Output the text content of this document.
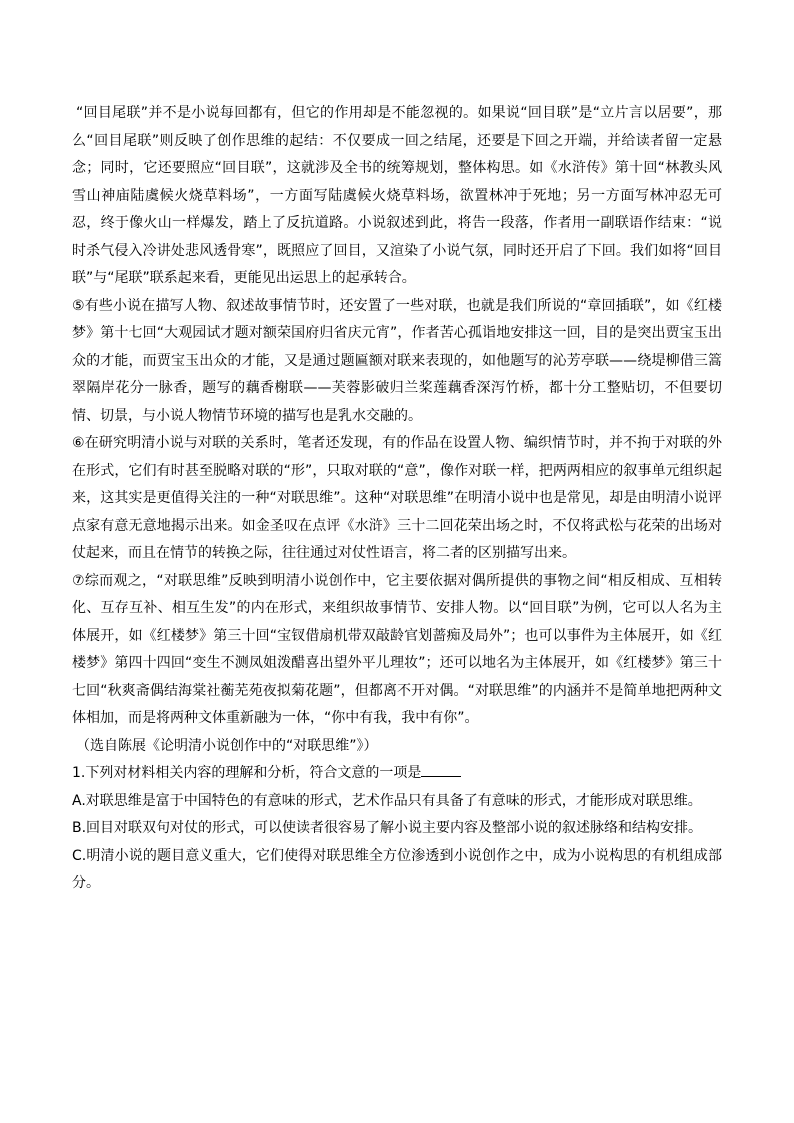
“回目尾联”并不是小说每回都有，但它的作用却是不能忽视的。如果说“回目联”是“立片言以居要”，那么“回目尾联”则反映了创作思维的起结：不仅要成一回之结尾，还要是下回之开端，并给读者留一定悬念；同时，它还要照应“回目联”，这就涉及全书的统筹规划，整体构思。如《水浒传》第十回“林教头风雪山神庙陆虞候火烧草料场”，一方面写陆虞候火烧草料场，欲置林冲于死地；另一方面写林冲忍无可忍，终于像火山一样爆发，踏上了反抗道路。小说叙述到此，将告一段落，作者用一副联语作结束：“说时杀气侵入冷讲处悲风透骨寒”，既照应了回目，又渲染了小说气氛，同时还开启了下回。我们如将“回目联”与“尾联”联系起来看，更能见出运思上的起承转合。

⑤有些小说在描写人物、叙述故事情节时，还安置了一些对联，也就是我们所说的“章回插联”，如《红楼梦》第十七回“大观园试才题对额荣国府归省庆元宵”，作者苦心孤诣地安排这一回，目的是突出贾宝玉出众的才能，而贾宝玉出众的才能，又是通过题匾额对联来表现的，如他题写的沁芳亭联——绕堤柳借三篙翠隔岸花分一脉香，题写的藕香榭联——芙蓉影破归兰桨莲藕香深泻竹桥，都十分工整贴切，不但要切情、切景，与小说人物情节环境的描写也是乳水交融的。

⑥在研究明清小说与对联的关系时，笔者还发现，有的作品在设置人物、编织情节时，并不拘于对联的外在形式，它们有时甚至脱略对联的“形”，只取对联的“意”，像作对联一样，把两两相应的叙事单元组织起来，这其实是更值得关注的一种“对联思维”。这种“对联思维”在明清小说中也是常见，却是由明清小说评点家有意无意地揭示出来。如金圣叹在点评《水浒》三十二回花荣出场之时，不仅将武松与花荣的出场对仗起来，而且在情节的转换之际，往往通过对仗性语言，将二者的区别描写出来。

⑦综而观之，“对联思维”反映到明清小说创作中，它主要依据对偶所提供的事物之间“相反相成、互相转化、互存互补、相互生发”的内在形式，来组织故事情节、安排人物。以“回目联”为例，它可以人名为主体展开，如《红楼梦》第三十回“宝钗借扇机带双敲龄官划蔷痴及局外”；也可以事件为主体展开，如《红楼梦》第四十四回“变生不测凤姐泼醋喜出望外平儿理妆”；还可以地名为主体展开，如《红楼梦》第三十七回“秋爽斋偶结海棠社蘅芜苑夜拟菊花题”，但都离不开对偶。“对联思维”的内涵并不是简单地把两种文体相加，而是将两种文体重新融为一体，“你中有我，我中有你”。

（选自陈展《论明清小说创作中的“对联思维”》）

1.下列对材料相关内容的理解和分析，符合文意的一项是

A.对联思维是富于中国特色的有意味的形式，艺术作品只有具备了有意味的形式，才能形成对联思维。

B.回目对联双句对仗的形式，可以使读者很容易了解小说主要内容及整部小说的叙述脉络和结构安排。

C.明清小说的题目意义重大，它们使得对联思维全方位渗透到小说创作之中，成为小说构思的有机组成部分。
